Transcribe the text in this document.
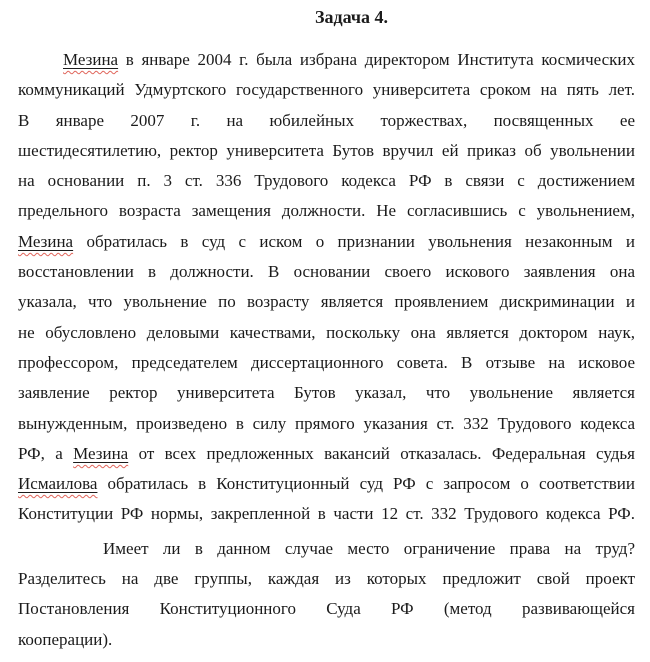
Задача 4.
Мезина в январе 2004 г. была избрана директором Института космических
коммуникаций Удмуртского государственного университета сроком на пять лет.
В январе 2007 г. на юбилейных торжествах, посвященных ее
шестидесятилетию, ректор университета Бутов вручил ей приказ об увольнении
на основании п. 3 ст. 336 Трудового кодекса РФ в связи с достижением
предельного возраста замещения должности. Не согласившись с увольнением,
Мезина обратилась в суд с иском о признании увольнения незаконным и
восстановлении в должности. В основании своего искового заявления она
указала, что увольнение по возрасту является проявлением дискриминации и
не обусловлено деловыми качествами, поскольку она является доктором наук,
профессором, председателем диссертационного совета. В отзыве на исковое
заявление ректор университета Бутов указал, что увольнение является
вынужденным, произведено в силу прямого указания ст. 332 Трудового кодекса
РФ, а Мезина от всех предложенных вакансий отказалась. Федеральная судья
Исмаилова обратилась в Конституционный суд РФ с запросом о соответствии
Конституции РФ нормы, закрепленной в части 12 ст. 332 Трудового кодекса РФ.
Имеет ли в данном случае место ограничение права на труд?
Разделитесь на две группы, каждая из которых предложит свой проект
Постановления Конституционного Суда РФ (метод развивающейся
кооперации).
